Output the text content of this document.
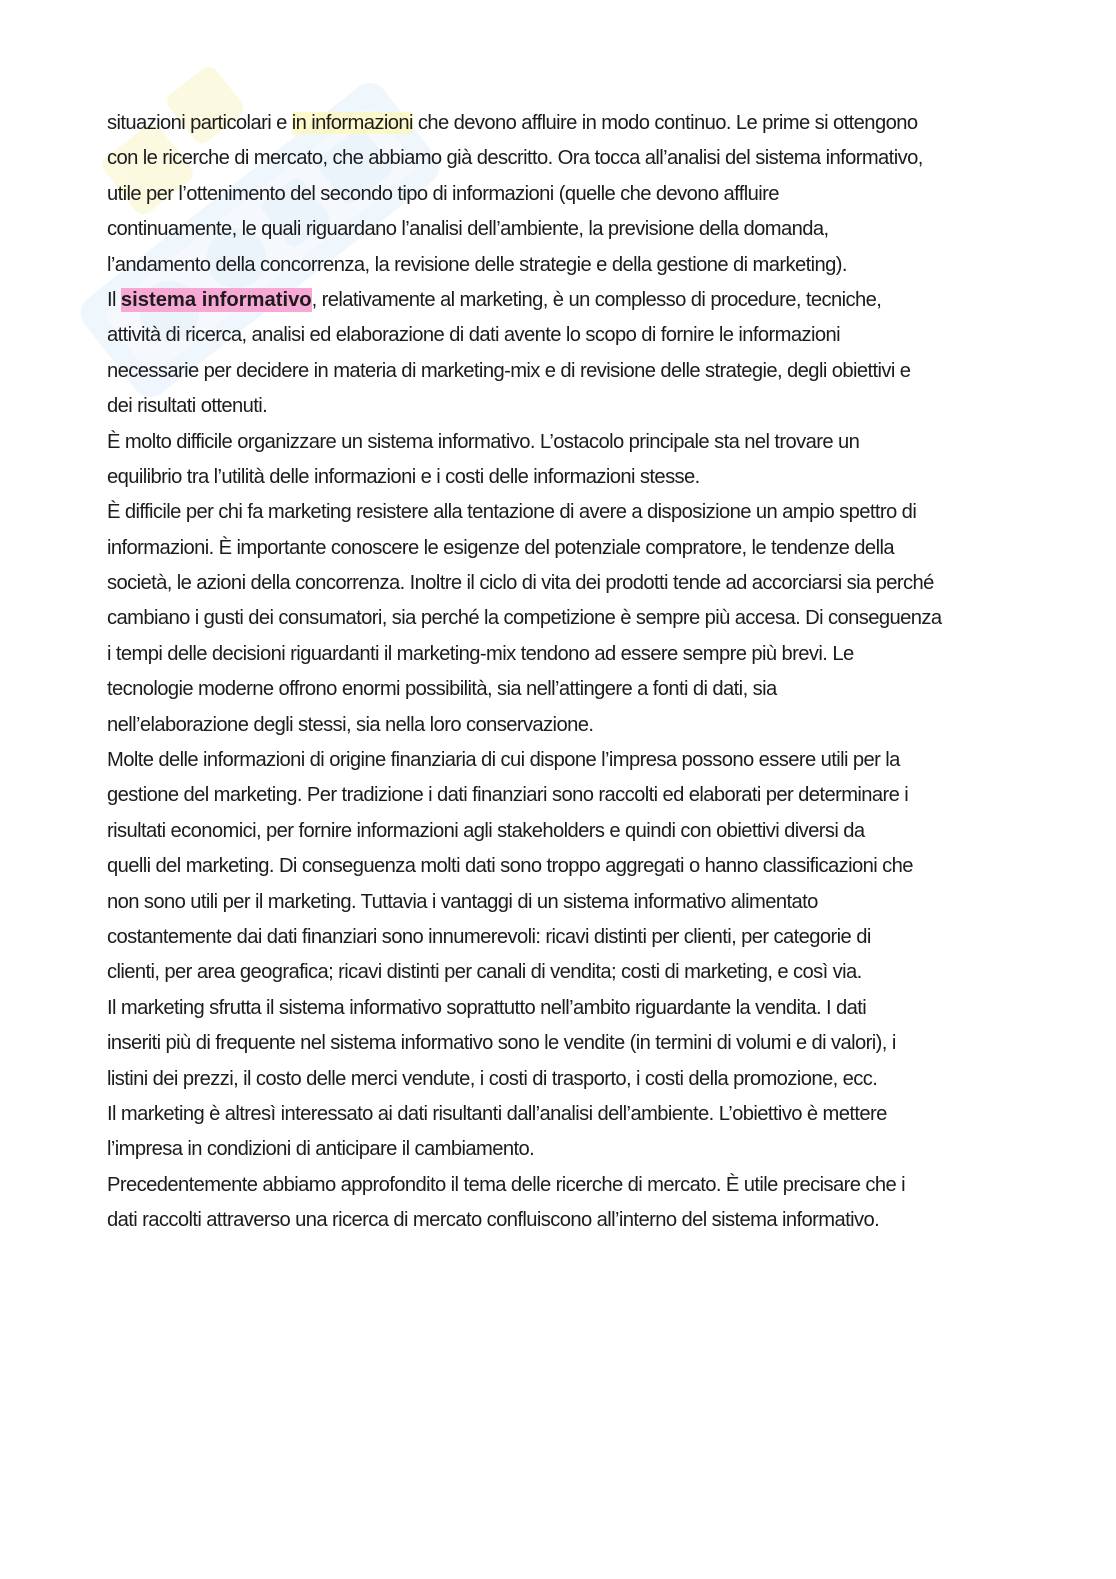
situazioni particolari e in informazioni che devono affluire in modo continuo. Le prime si ottengono
con le ricerche di mercato, che abbiamo già descritto. Ora tocca all’analisi del sistema informativo,
utile per l’ottenimento del secondo tipo di informazioni (quelle che devono affluire
continuamente, le quali riguardano l’analisi dell’ambiente, la previsione della domanda,
l’andamento della concorrenza, la revisione delle strategie e della gestione di marketing).
Il sistema informativo, relativamente al marketing, è un complesso di procedure, tecniche,
attività di ricerca, analisi ed elaborazione di dati avente lo scopo di fornire le informazioni
necessarie per decidere in materia di marketing-mix e di revisione delle strategie, degli obiettivi e
dei risultati ottenuti.
È molto difficile organizzare un sistema informativo. L’ostacolo principale sta nel trovare un
equilibrio tra l’utilità delle informazioni e i costi delle informazioni stesse.
È difficile per chi fa marketing resistere alla tentazione di avere a disposizione un ampio spettro di
informazioni. È importante conoscere le esigenze del potenziale compratore, le tendenze della
società, le azioni della concorrenza. Inoltre il ciclo di vita dei prodotti tende ad accorciarsi sia perché
cambiano i gusti dei consumatori, sia perché la competizione è sempre più accesa. Di conseguenza
i tempi delle decisioni riguardanti il marketing-mix tendono ad essere sempre più brevi. Le
tecnologie moderne offrono enormi possibilità, sia nell’attingere a fonti di dati, sia
nell’elaborazione degli stessi, sia nella loro conservazione.
Molte delle informazioni di origine finanziaria di cui dispone l’impresa possono essere utili per la
gestione del marketing. Per tradizione i dati finanziari sono raccolti ed elaborati per determinare i
risultati economici, per fornire informazioni agli stakeholders e quindi con obiettivi diversi da
quelli del marketing. Di conseguenza molti dati sono troppo aggregati o hanno classificazioni che
non sono utili per il marketing. Tuttavia i vantaggi di un sistema informativo alimentato
costantemente dai dati finanziari sono innumerevoli: ricavi distinti per clienti, per categorie di
clienti, per area geografica; ricavi distinti per canali di vendita; costi di marketing, e così via.
Il marketing sfrutta il sistema informativo soprattutto nell’ambito riguardante la vendita. I dati
inseriti più di frequente nel sistema informativo sono le vendite (in termini di volumi e di valori), i
listini dei prezzi, il costo delle merci vendute, i costi di trasporto, i costi della promozione, ecc.
Il marketing è altresì interessato ai dati risultanti dall’analisi dell’ambiente. L’obiettivo è mettere
l’impresa in condizioni di anticipare il cambiamento.
Precedentemente abbiamo approfondito il tema delle ricerche di mercato. È utile precisare che i
dati raccolti attraverso una ricerca di mercato confluiscono all’interno del sistema informativo.
